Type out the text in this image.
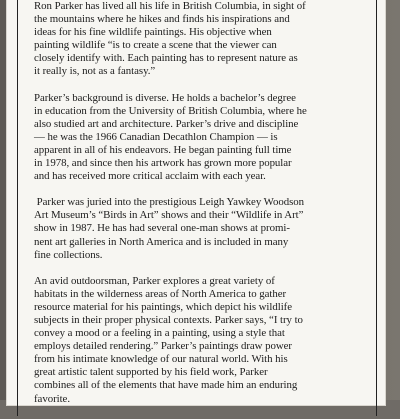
Ron Parker has lived all his life in British Columbia, in sight of
the mountains where he hikes and finds his inspirations and
ideas for his fine wildlife paintings. His objective when
painting wildlife “is to create a scene that the viewer can
closely identify with. Each painting has to represent nature as
it really is, not as a fantasy.”

Parker’s background is diverse. He holds a bachelor’s degree
in education from the University of British Columbia, where he
also studied art and architecture. Parker’s drive and discipline
— he was the 1966 Canadian Decathlon Champion — is
apparent in all of his endeavors. He began painting full time
in 1978, and since then his artwork has grown more popular
and has received more critical acclaim with each year.

Parker was juried into the prestigious Leigh Yawkey Woodson
Art Museum’s “Birds in Art” shows and their “Wildlife in Art”
show in 1987. He has had several one-man shows at promi-
nent art galleries in North America and is included in many
fine collections.

An avid outdoorsman, Parker explores a great variety of
habitats in the wilderness areas of North America to gather
resource material for his paintings, which depict his wildlife
subjects in their proper physical contexts. Parker says, “I try to
convey a mood or a feeling in a painting, using a style that
employs detailed rendering.” Parker’s paintings draw power
from his intimate knowledge of our natural world. With his
great artistic talent supported by his field work, Parker
combines all of the elements that have made him an enduring
favorite.
